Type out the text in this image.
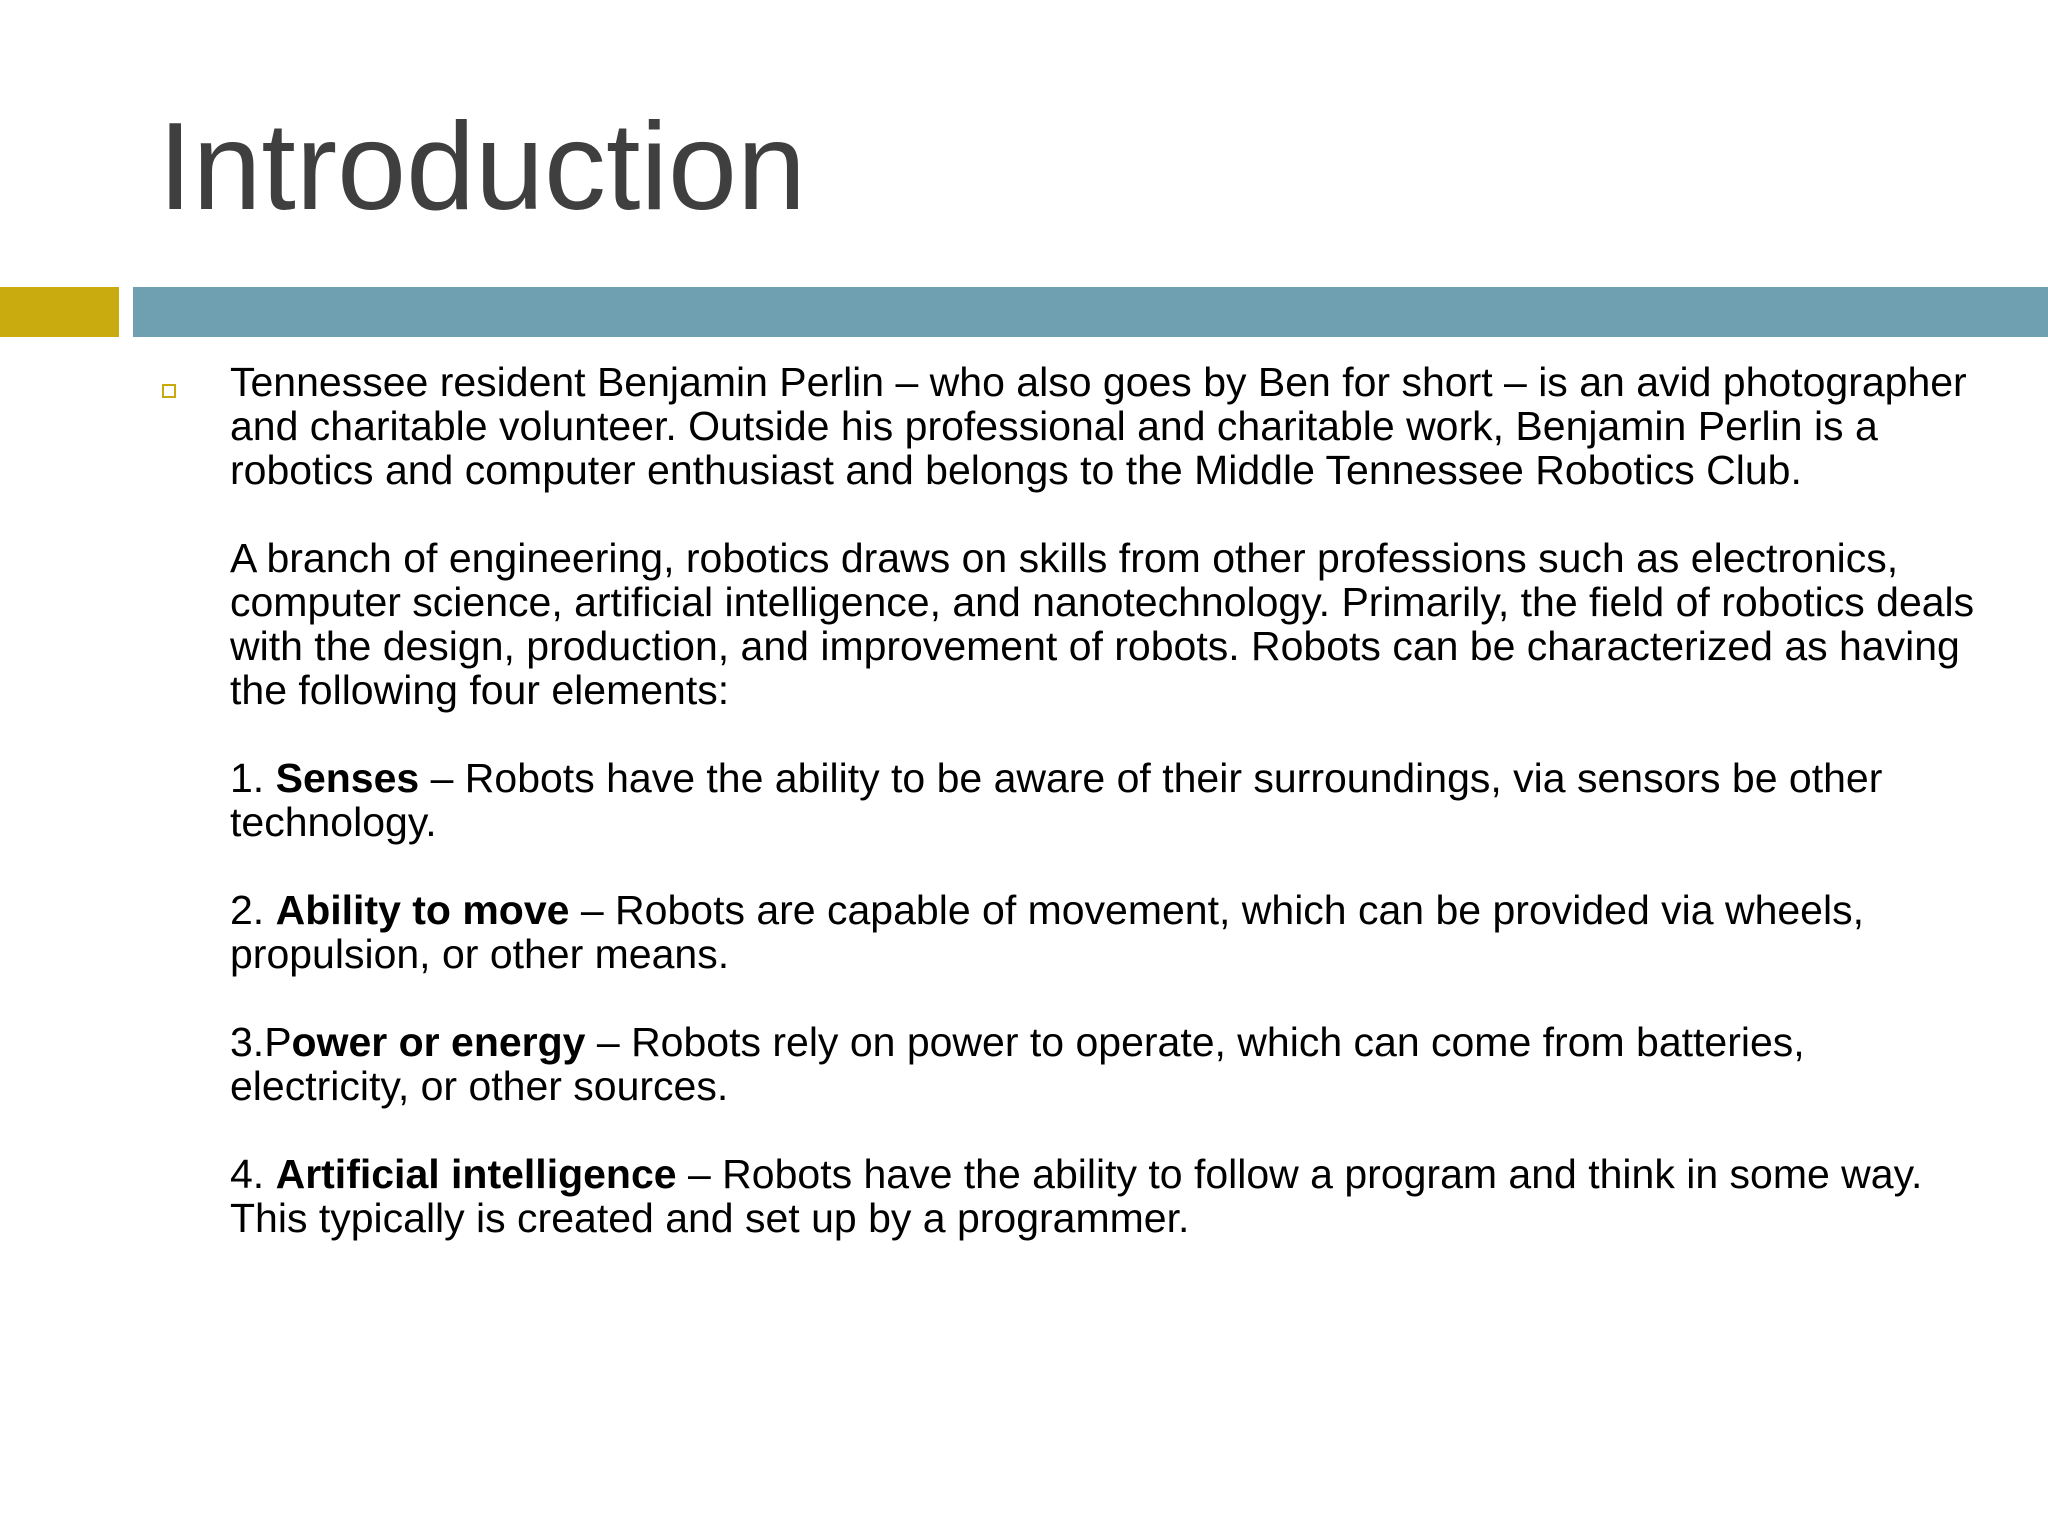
Introduction

Tennessee resident Benjamin Perlin – who also goes by Ben for short – is an avid photographer and charitable volunteer. Outside his professional and charitable work, Benjamin Perlin is a robotics and computer enthusiast and belongs to the Middle Tennessee Robotics Club.

A branch of engineering, robotics draws on skills from other professions such as electronics, computer science, artificial intelligence, and nanotechnology. Primarily, the field of robotics deals with the design, production, and improvement of robots. Robots can be characterized as having the following four elements:

1. Senses – Robots have the ability to be aware of their surroundings, via sensors be other technology.

2. Ability to move – Robots are capable of movement, which can be provided via wheels, propulsion, or other means.

3.Power or energy – Robots rely on power to operate, which can come from batteries, electricity, or other sources.

4. Artificial intelligence – Robots have the ability to follow a program and think in some way. This typically is created and set up by a programmer.
